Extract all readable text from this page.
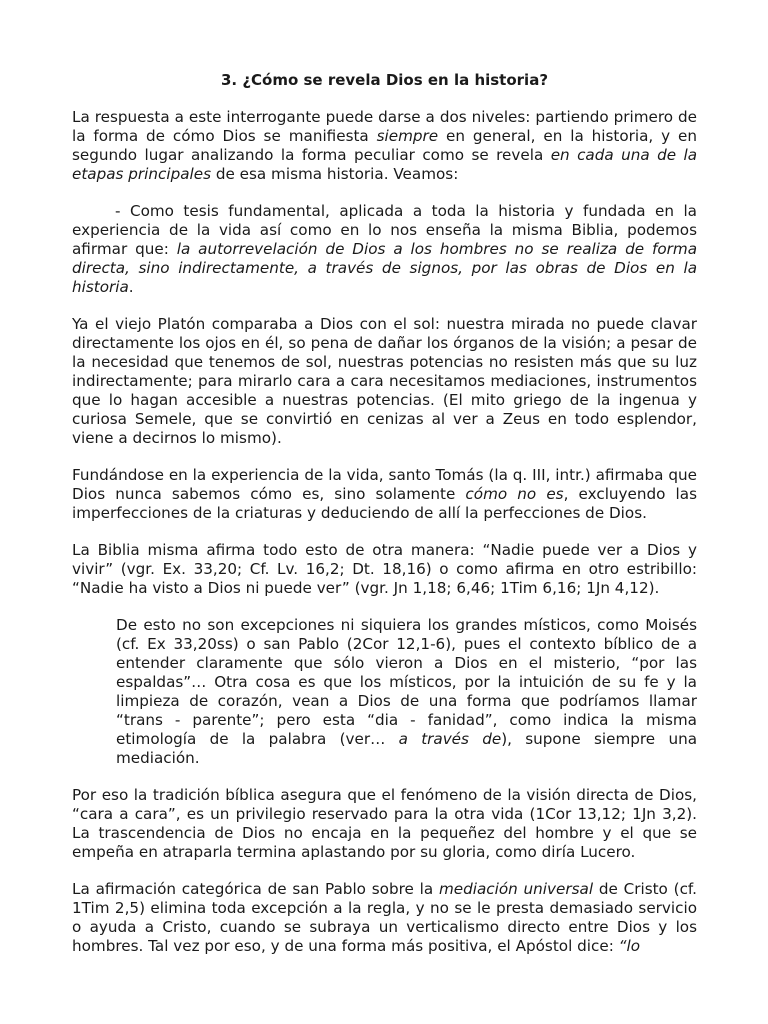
3. ¿Cómo se revela Dios en la historia?

La respuesta a este interrogante puede darse a dos niveles: partiendo primero de la forma de cómo Dios se manifiesta siempre en general, en la historia, y en segundo lugar analizando la forma peculiar como se revela en cada una de la etapas principales de esa misma historia. Veamos:

- Como tesis fundamental, aplicada a toda la historia y fundada en la experiencia de la vida así como en lo nos enseña la misma Biblia, podemos afirmar que: la autorrevelación de Dios a los hombres no se realiza de forma directa, sino indirectamente, a través de signos, por las obras de Dios en la historia.

Ya el viejo Platón comparaba a Dios con el sol: nuestra mirada no puede clavar directamente los ojos en él, so pena de dañar los órganos de la visión; a pesar de la necesidad que tenemos de sol, nuestras potencias no resisten más que su luz indirectamente; para mirarlo cara a cara necesitamos mediaciones, instrumentos que lo hagan accesible a nuestras potencias. (El mito griego de la ingenua y curiosa Semele, que se convirtió en cenizas al ver a Zeus en todo esplendor, viene a decirnos lo mismo).

Fundándose en la experiencia de la vida, santo Tomás (la q. III, intr.) afirmaba que Dios nunca sabemos cómo es, sino solamente cómo no es, excluyendo las imperfecciones de la criaturas y deduciendo de allí la perfecciones de Dios.

La Biblia misma afirma todo esto de otra manera: “Nadie puede ver a Dios y vivir” (vgr. Ex. 33,20; Cf. Lv. 16,2; Dt. 18,16) o como afirma en otro estribillo: “Nadie ha visto a Dios ni puede ver” (vgr. Jn 1,18; 6,46; 1Tim 6,16; 1Jn 4,12).

De esto no son excepciones ni siquiera los grandes místicos, como Moisés (cf. Ex 33,20ss) o san Pablo (2Cor 12,1-6), pues el contexto bíblico de a entender claramente que sólo vieron a Dios en el misterio, “por las espaldas”… Otra cosa es que los místicos, por la intuición de su fe y la limpieza de corazón, vean a Dios de una forma que podríamos llamar “trans - parente”; pero esta “dia - fanidad”, como indica la misma etimología de la palabra (ver… a través de), supone siempre una mediación.

Por eso la tradición bíblica asegura que el fenómeno de la visión directa de Dios, “cara a cara”, es un privilegio reservado para la otra vida (1Cor 13,12; 1Jn 3,2). La trascendencia de Dios no encaja en la pequeñez del hombre y el que se empeña en atraparla termina aplastando por su gloria, como diría Lucero.

La afirmación categórica de san Pablo sobre la mediación universal de Cristo (cf. 1Tim 2,5) elimina toda excepción a la regla, y no se le presta demasiado servicio o ayuda a Cristo, cuando se subraya un verticalismo directo entre Dios y los hombres. Tal vez por eso, y de una forma más positiva, el Apóstol dice: “lo
